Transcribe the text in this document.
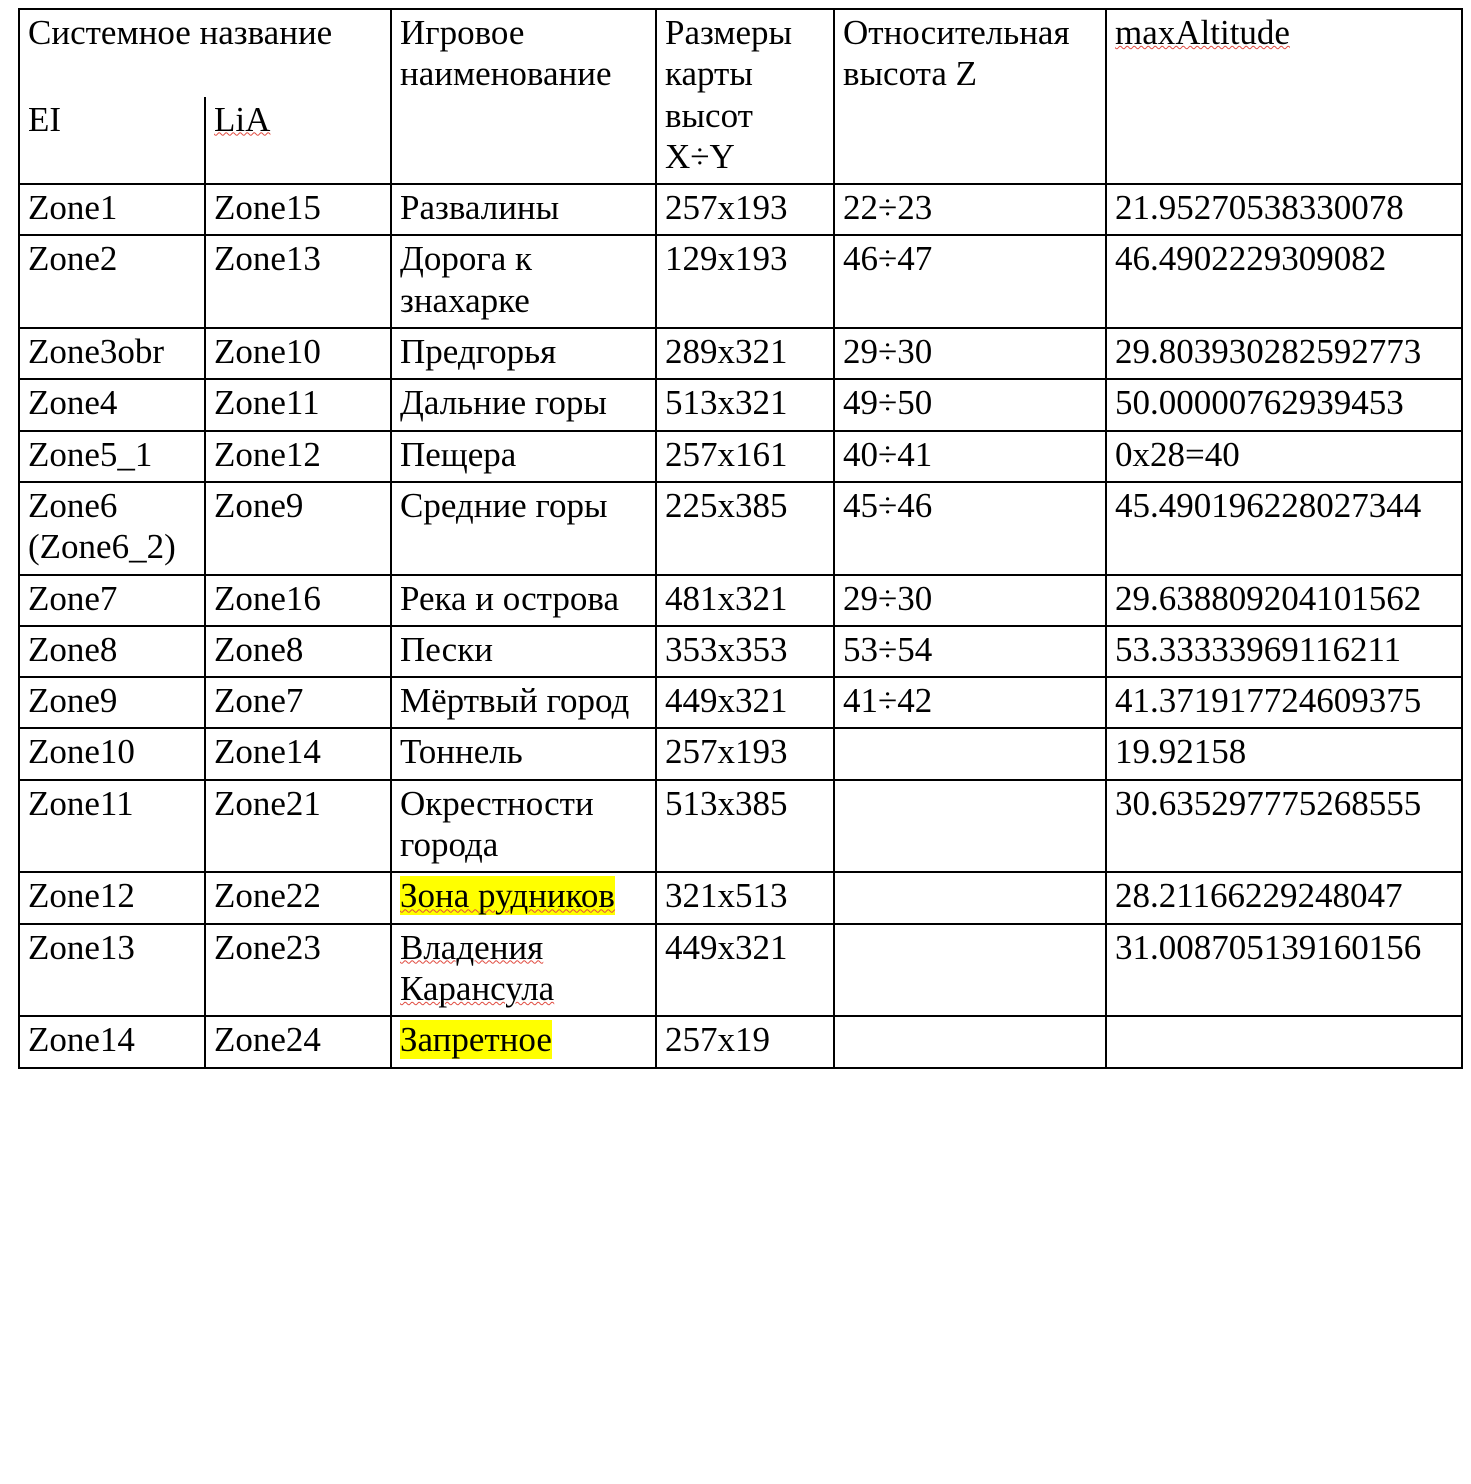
Системное название		Игровое наименование	Размеры карты высот X÷Y	Относительная высота Z	maxAltitude
EI	LiA				
Zone1	Zone15	Развалины	257x193	22÷23	21.95270538330078
Zone2	Zone13	Дорога к знахарке	129x193	46÷47	46.4902229309082
Zone3obr	Zone10	Предгорья	289x321	29÷30	29.803930282592773
Zone4	Zone11	Дальние горы	513x321	49÷50	50.00000762939453
Zone5_1	Zone12	Пещера	257x161	40÷41	0x28=40
Zone6 (Zone6_2)	Zone9	Средние горы	225x385	45÷46	45.490196228027344
Zone7	Zone16	Река и острова	481x321	29÷30	29.638809204101562
Zone8	Zone8	Пески	353x353	53÷54	53.33333969116211
Zone9	Zone7	Мёртвый город	449x321	41÷42	41.371917724609375
Zone10	Zone14	Тоннель	257x193		19.92158
Zone11	Zone21	Окрестности города	513x385		30.635297775268555
Zone12	Zone22	Зона рудников	321x513		28.21166229248047
Zone13	Zone23	Владения Карансула	449x321		31.008705139160156
Zone14	Zone24	Запретное	257x19		
